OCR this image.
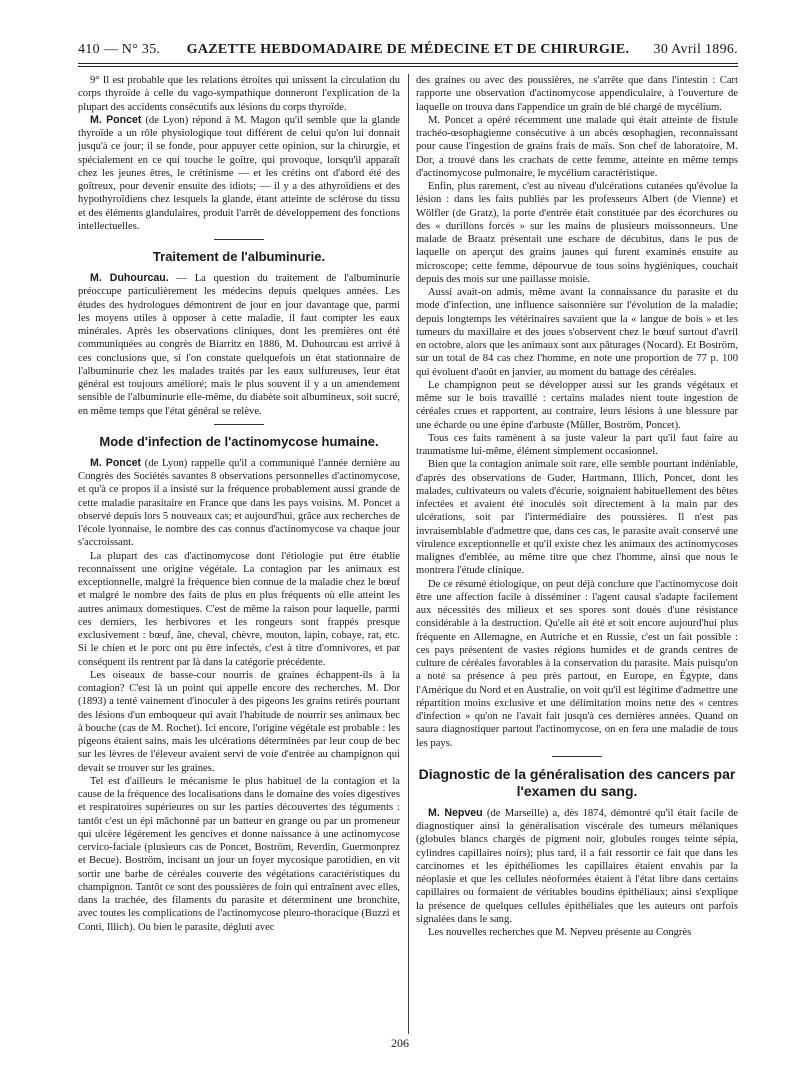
410 — N° 35.	GAZETTE HEBDOMADAIRE DE MÉDECINE ET DE CHIRURGIE.	30 Avril 1896.

9° Il est probable que les relations étroites qui unissent la circulation du corps thyroïde à celle du vago-sympathique donneront l'explication de la plupart des accidents consécutifs aux lésions du corps thyroïde.

M. Poncet (de Lyon) répond à M. Magon qu'il semble que la glande thyroïde a un rôle physiologique tout différent de celui qu'on lui donnait jusqu'à ce jour; il se fonde, pour appuyer cette opinion, sur la chirurgie, et spécialement en ce qui touche le goître, qui provoque, lorsqu'il apparaît chez les jeunes êtres, le crétinisme — et les crétins ont d'abord été des goîtreux, pour devenir ensuite des idiots; — il y a des athyroïdiens et des hypothyroïdiens chez lesquels la glande, étant atteinte de sclérose du tissu et des éléments glandulaires, produit l'arrêt de développement des fonctions intellectuelles.

Traitement de l'albuminurie.

M. Duhourcau. — La question du traitement de l'albuminurie préoccupe particulièrement les médecins depuis quelques années. Les études des hydrologues démontrent de jour en jour davantage que, parmi les moyens utiles à opposer à cette maladie, il faut compter les eaux minérales. Après les observations cliniques, dont les premières ont été communiquées au congrès de Biarritz en 1886, M. Duhourcau est arrivé à ces conclusions que, si l'on constate quelquefois un état stationnaire de l'albuminurie chez les malades traités par les eaux sulfureuses, leur état général est toujours amélioré; mais le plus souvent il y a un amendement sensible de l'albuminurie elle-même, du diabète soit albumineux, soit sucré, en même temps que l'état général se relève.

Mode d'infection de l'actinomycose humaine.

M. Poncet (de Lyon) rappelle qu'il a communiqué l'année dernière au Congrès des Sociétés savantes 8 observations personnelles d'actinomycose, et qu'à ce propos il a insisté sur la fréquence probablement aussi grande de cette maladie parasitaire en France que dans les pays voisins. M. Poncet a observé depuis lors 5 nouveaux cas; et aujourd'hui, grâce aux recherches de l'école lyonnaise, le nombre des cas connus d'actinomycose va chaque jour s'accroissant.

La plupart des cas d'actinomycose dont l'étiologie put être établie reconnaissent une origine végétale. La contagion par les animaux est exceptionnelle, malgré la fréquence bien connue de la maladie chez le bœuf et malgré le nombre des faits de plus en plus fréquents où elle atteint les autres animaux domestiques. C'est de même la raison pour laquelle, parmi ces derniers, les herbivores et les rongeurs sont frappés presque exclusivement : bœuf, âne, cheval, chèvre, mouton, lapin, cobaye, rat, etc. Si le chien et le porc ont pu être infectés, c'est à titre d'omnivores, et par conséquent ils rentrent par là dans la catégorie précédente.

Les oiseaux de basse-cour nourris de graines échappent-ils à la contagion? C'est là un point qui appelle encore des recherches. M. Dor (1893) a tenté vainement d'inoculer à des pigeons les grains retirés pourtant des lésions d'un emboqueur qui avait l'habitude de nourrir ses animaux bec à bouche (cas de M. Rochet). Ici encore, l'origine végétale est probable : les pigeons étaient sains, mais les ulcérations déterminées par leur coup de bec sur les lèvres de l'éleveur avaient servi de voie d'entrée au champignon qui devait se trouver sur les graines.

Tel est d'ailleurs le mécanisme le plus habituel de la contagion et la cause de la fréquence des localisations dans le domaine des voies digestives et respiratoires supérieures ou sur les parties découvertes des téguments : tantôt c'est un épi mâchonné par un batteur en grange ou par un promeneur qui ulcère légèrement les gencives et donne naissance à une actinomycose cervico-faciale (plusieurs cas de Poncet, Boström, Reverdin, Guermonprez et Becue). Boström, incisant un jour un foyer mycosique parotidien, en vit sortir une barbe de céréales couverte des végétations caractéristiques du champignon. Tantôt ce sont des poussières de foin qui entraînent avec elles, dans la trachée, des filaments du parasite et déterminent une bronchite, avec toutes les complications de l'actinomycose pleuro-thoracique (Buzzi et Conti, Illich). Ou bien le parasite, dégluti avec

des graines ou avec des poussières, ne s'arrête que dans l'intestin : Cart rapporte une observation d'actinomycose appendiculaire, à l'ouverture de laquelle on trouva dans l'appendice un grain de blé chargé de mycélium.

M. Poncet a opéré récemment une malade qui était atteinte de fistule trachéo-œsophagienne consécutive à un abcès œsophagien, reconnaissant pour cause l'ingestion de grains frais de maïs. Son chef de laboratoire, M. Dor, a trouvé dans les crachats de cette femme, atteinte en même temps d'actinomycose pulmonaire, le mycélium caractéristique.

Enfin, plus rarement, c'est au niveau d'ulcérations cutanées qu'évolue la lésion : dans les faits publiés par les professeurs Albert (de Vienne) et Wölfler (de Gratz), la porte d'entrée était constituée par des écorchures ou des « durillons forcés » sur les mains de plusieurs moissonneurs. Une malade de Braatz présentait une eschare de décubitus, dans le pus de laquelle on aperçut des grains jaunes qui furent examinés ensuite au microscope; cette femme, dépourvue de tous soins hygiéniques, couchait depuis des mois sur une paillasse moisie.

Aussi avait-on admis, même avant la connaissance du parasite et du mode d'infection, une influence saisonnière sur l'évolution de la maladie; depuis longtemps les vétérinaires savaient que la « langue de bois » et les tumeurs du maxillaire et des joues s'observent chez le bœuf surtout d'avril en octobre, alors que les animaux sont aux pâturages (Nocard). Et Boström, sur un total de 84 cas chez l'homme, en note une proportion de 77 p. 100 qui évoluent d'août en janvier, au moment du battage des céréales.

Le champignon peut se développer aussi sur les grands végétaux et même sur le bois travaillé : certains malades nient toute ingestion de céréales crues et rapportent, au contraire, leurs lésions à une blessure par une écharde ou une épine d'arbuste (Müller, Boström, Poncet).

Tous ces faits ramènent à sa juste valeur la part qu'il faut faire au traumatisme lui-même, élément simplement occasionnel.

Bien que la contagion animale soit rare, elle semble pourtant indéniable, d'après des observations de Guder, Hartmann, Illich, Poncet, dont les malades, cultivateurs ou valets d'écurie, soignaient habituellement des bêtes infectées et avaient été inoculés soit directement à la main par des ulcérations, soit par l'intermédiaire des poussières. Il n'est pas invraisemblable d'admettre que, dans ces cas, le parasite avait conservé une virulence exceptionnelle et qu'il existe chez les animaux des actinomycoses malignes d'emblée, au même titre que chez l'homme, ainsi que nous le montrera l'étude clinique.

De ce résumé étiologique, on peut déjà conclure que l'actinomycose doit être une affection facile à disséminer : l'agent causal s'adapte facilement aux nécessités des milieux et ses spores sont doués d'une résistance considérable à la destruction. Qu'elle ait été et soit encore aujourd'hui plus fréquente en Allemagne, en Autriche et en Russie, c'est un fait possible : ces pays présentent de vastes régions humides et de grands centres de culture de céréales favorables à la conservation du parasite. Mais puisqu'on a noté sa présence à peu près partout, en Europe, en Égypte, dans l'Amérique du Nord et en Australie, on voit qu'il est légitime d'admettre une répartition moins exclusive et une délimitation moins nette des « centres d'infection » qu'on ne l'avait fait jusqu'à ces dernières années. Quand on saura diagnostiquer partout l'actinomycose, on en fera une maladie de tous les pays.

Diagnostic de la généralisation des cancers par l'examen du sang.

M. Nepveu (de Marseille) a, dès 1874, démontré qu'il était facile de diagnostiquer ainsi la généralisation viscérale des tumeurs mélaniques (globules blancs chargés de pigment noir, globules rouges teinte sépia, cylindres capillaires noirs); plus tard, il a fait ressortir ce fait que dans les carcinomes et les épithéliomes les capillaires étaient envahis par la néoplasie et que les cellules néoformées étaient à l'état libre dans certains capillaires ou formaient de véritables boudins épithéliaux; ainsi s'explique la présence de quelques cellules épithéliales que les auteurs ont parfois signalées dans le sang.

Les nouvelles recherches que M. Nepveu présente au Congrès

206
